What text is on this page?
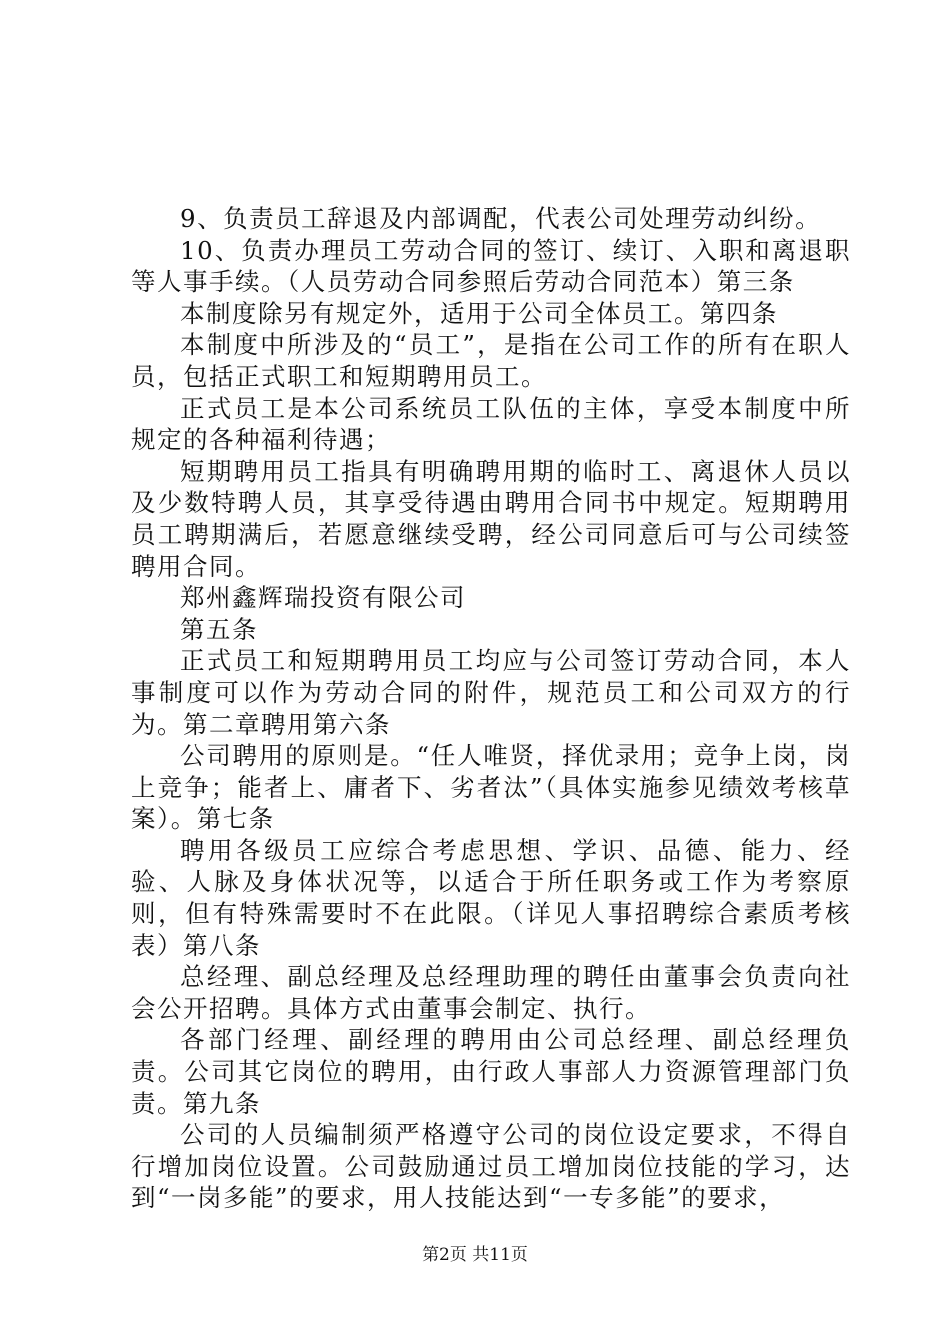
9、负责员工辞退及内部调配，代表公司处理劳动纠纷。

10、负责办理员工劳动合同的签订、续订、入职和离退职等人事手续。（人员劳动合同参照后劳动合同范本）第三条

本制度除另有规定外，适用于公司全体员工。第四条

本制度中所涉及的“员工”，是指在公司工作的所有在职人员，包括正式职工和短期聘用员工。

正式员工是本公司系统员工队伍的主体，享受本制度中所规定的各种福利待遇；

短期聘用员工指具有明确聘用期的临时工、离退休人员以及少数特聘人员，其享受待遇由聘用合同书中规定。短期聘用员工聘期满后，若愿意继续受聘，经公司同意后可与公司续签聘用合同。

郑州鑫辉瑞投资有限公司

第五条

正式员工和短期聘用员工均应与公司签订劳动合同，本人事制度可以作为劳动合同的附件，规范员工和公司双方的行为。第二章聘用第六条

公司聘用的原则是。“任人唯贤，择优录用；竞争上岗，岗上竞争；能者上、庸者下、劣者汰”（具体实施参见绩效考核草案）。第七条

聘用各级员工应综合考虑思想、学识、品德、能力、经验、人脉及身体状况等，以适合于所任职务或工作为考察原则，但有特殊需要时不在此限。（详见人事招聘综合素质考核表）第八条

总经理、副总经理及总经理助理的聘任由董事会负责向社会公开招聘。具体方式由董事会制定、执行。

各部门经理、副经理的聘用由公司总经理、副总经理负责。公司其它岗位的聘用，由行政人事部人力资源管理部门负责。第九条

公司的人员编制须严格遵守公司的岗位设定要求，不得自行增加岗位设置。公司鼓励通过员工增加岗位技能的学习，达到“一岗多能”的要求，用人技能达到“一专多能”的要求，

第2页 共11页
